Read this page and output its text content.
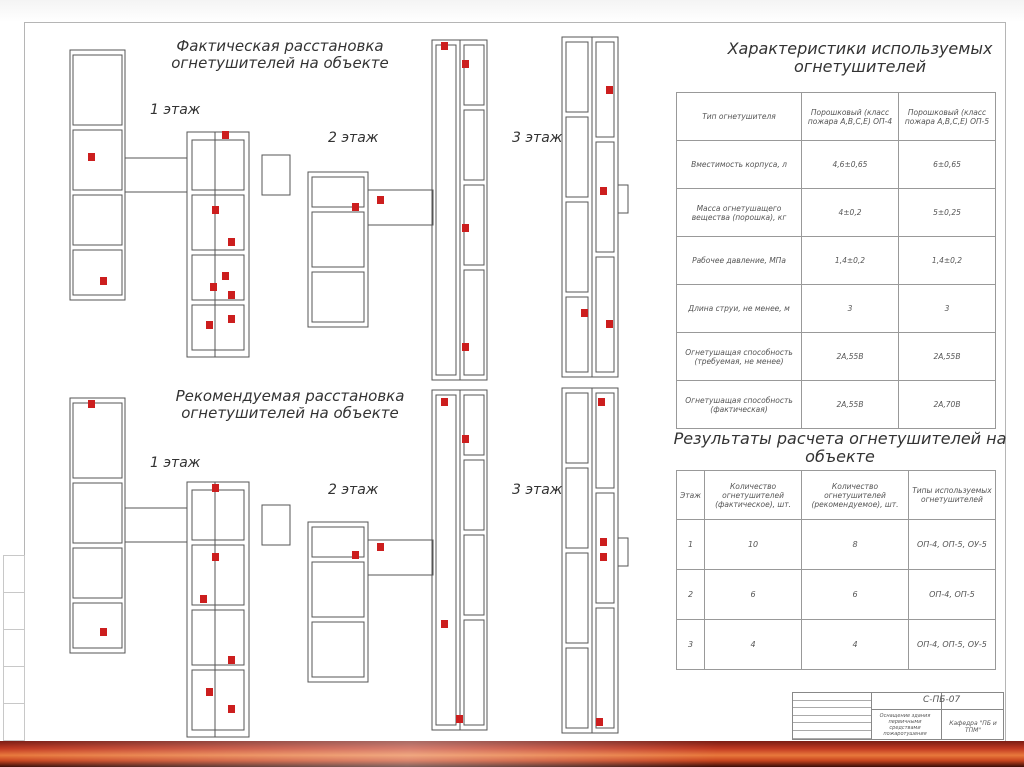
Фактическая расстановка огнетушителей на объекте
Рекомендуемая расстановка огнетушителей на объекте
Характеристики используемых огнетушителей
Результаты расчета огнетушителей на объекте
1 этаж
2 этаж	3 этаж
1 этаж
2 этаж	3 этаж
Тип огнетушителя	Порошковый (класс пожара А,В,С,Е) ОП-4	Порошковый (класс пожара А,В,С,Е) ОП-5
Вместимость корпуса, л	4,6±0,65	6±0,65
Масса огнетушащего вещества (порошка), кг	4±0,2	5±0,25
Рабочее давление, МПа	1,4±0,2	1,4±0,2
Длина струи, не менее, м	3	3
Огнетушащая способность (требуемая, не менее)	2А,55В	2А,55В
Огнетушащая способность (фактическая)	2А,55В	2А,70В
Этаж	Количество огнетушителей (фактическое), шт.	Количество огнетушителей (рекомендуемое), шт.	Типы используемых огнетушителей
1	10	8	ОП-4, ОП-5, ОУ-5
2	6	6	ОП-4, ОП-5
3	4	4	ОП-4, ОП-5, ОУ-5
С-ПБ-07
Оснащение здания первичными средствами пожаротушения
Кафедра "ПБ и ТПМ"
